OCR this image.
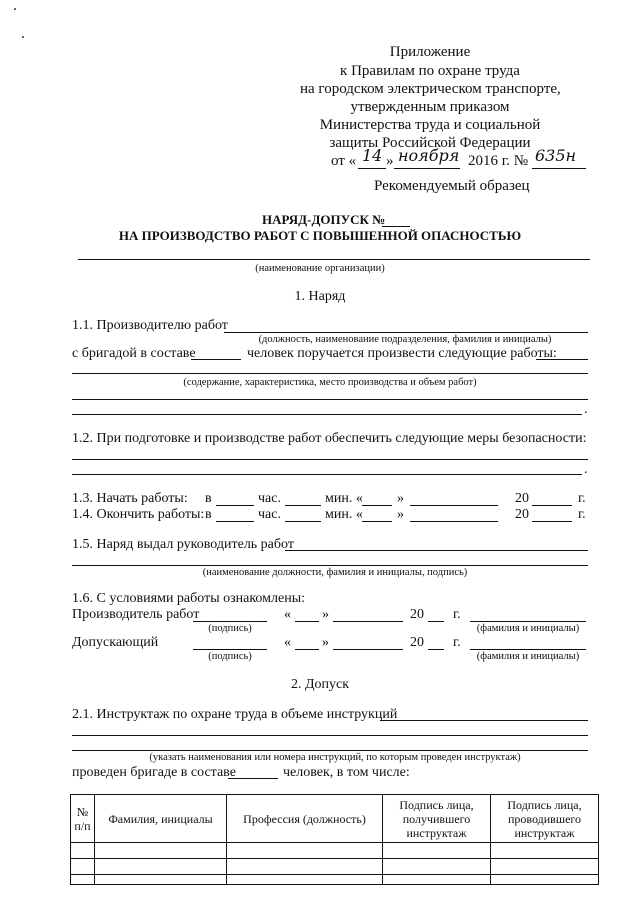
Приложение
к Правилам по охране труда
на городском электрическом транспорте,
утвержденным приказом
Министерства труда и социальной
защиты Российской Федерации
от « 14 » ноября 2016 г. № 635н
Рекомендуемый образец
НАРЯД-ДОПУСК №
НА ПРОИЗВОДСТВО РАБОТ С ПОВЫШЕННОЙ ОПАСНОСТЬЮ
(наименование организации)
1. Наряд
1.1. Производителю работ
(должность, наименование подразделения, фамилия и инициалы)
с бригадой в составе	человек поручается произвести следующие работы:
(содержание, характеристика, место производства и объем работ)
.
1.2. При подготовке и производстве работ обеспечить следующие меры безопасности:
.
1.3. Начать работы: в	час.	мин. « »	20	г.
1.4. Окончить работы: в	час.	мин. « »	20	г.
1.5. Наряд выдал руководитель работ
(наименование должности, фамилия и инициалы, подпись)
1.6. С условиями работы ознакомлены:
Производитель работ
(подпись)
« »	20 г.
(фамилия и инициалы)
Допускающий
(подпись)
« »	20 г.
(фамилия и инициалы)
2. Допуск
2.1. Инструктаж по охране труда в объеме инструкций
(указать наименования или номера инструкций, по которым проведен инструктаж)
проведен бригаде в составе	человек, в том числе:
№ п/п	Фамилия, инициалы	Профессия (должность)	Подпись лица, получившего инструктаж	Подпись лица, проводившего инструктаж
